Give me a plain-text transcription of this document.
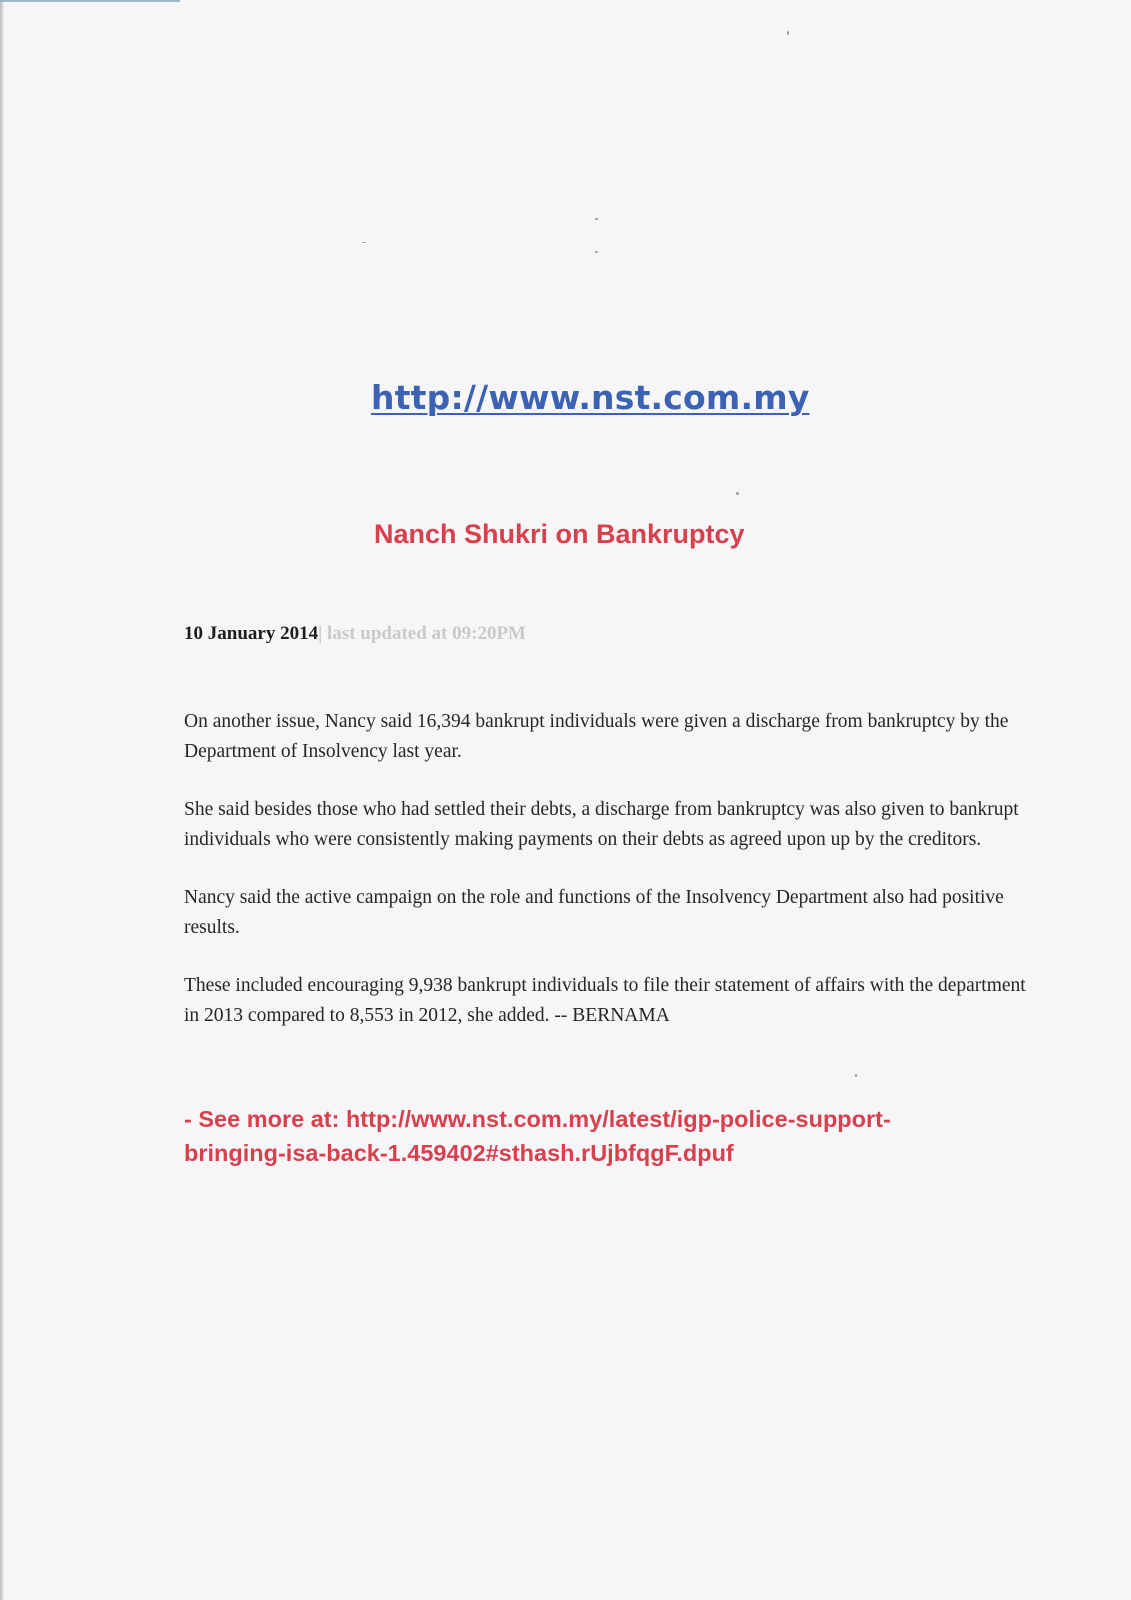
http://www.nst.com.my
Nanch Shukri on Bankruptcy
10 January 2014| last updated at 09:20PM

On another issue, Nancy said 16,394 bankrupt individuals were given a discharge from bankruptcy by the Department of Insolvency last year.

She said besides those who had settled their debts, a discharge from bankruptcy was also given to bankrupt individuals who were consistently making payments on their debts as agreed upon up by the creditors.

Nancy said the active campaign on the role and functions of the Insolvency Department also had positive results.

These included encouraging 9,938 bankrupt individuals to file their statement of affairs with the department in 2013 compared to 8,553 in 2012, she added. -- BERNAMA

- See more at: http://www.nst.com.my/latest/igp-police-support-
bringing-isa-back-1.459402#sthash.rUjbfqgF.dpuf
